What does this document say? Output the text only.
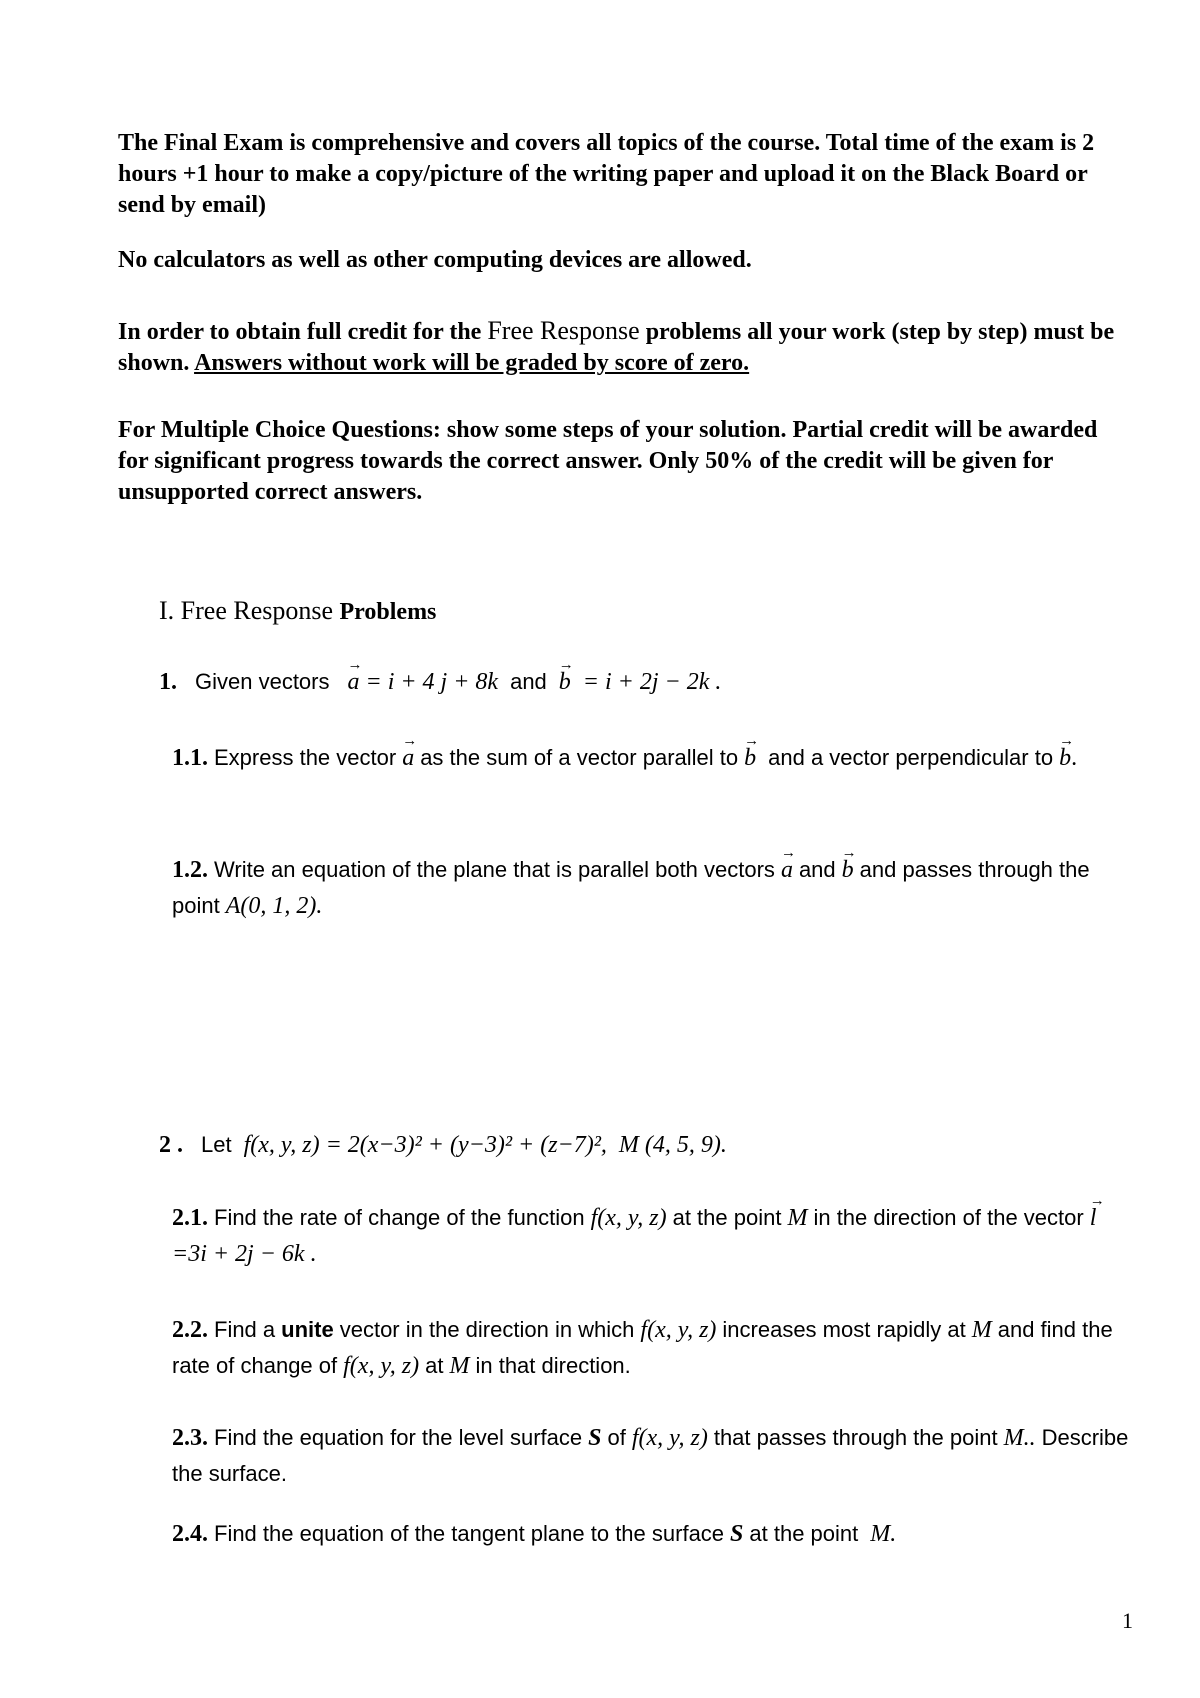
The Final Exam is comprehensive and covers all topics of the course. Total time of the exam is 2 hours +1 hour to make a copy/picture of the writing paper and upload it on the Black Board or send by email)

No calculators as well as other computing devices are allowed.

In order to obtain full credit for the Free Response problems all your work (step by step) must be shown. Answers without work will be graded by score of zero.

For Multiple Choice Questions: show some steps of your solution. Partial credit will be awarded for significant progress towards the correct answer. Only 50% of the credit will be given for unsupported correct answers.

I. Free Response Problems
1. Given vectors → a = i + 4 j + 8k and → b = i + 2j − 2k .
1.1. Express the vector → a as the sum of a vector parallel to → b and a vector perpendicular to → b.
1.2. Write an equation of the plane that is parallel both vectors → a and → b and passes through the point A(0, 1, 2).
2 . Let f(x, y, z) = 2(x−3)² + (y−3)² + (z−7)², M (4, 5, 9).
2.1. Find the rate of change of the function f(x, y, z) at the point M in the direction of the vector → l =3i + 2j − 6k .
2.2. Find a unite vector in the direction in which f(x, y, z) increases most rapidly at M and find the rate of change of f(x, y, z) at M in that direction.
2.3. Find the equation for the level surface S of f(x, y, z) that passes through the point M.. Describe the surface.
2.4. Find the equation of the tangent plane to the surface S at the point M.
1
